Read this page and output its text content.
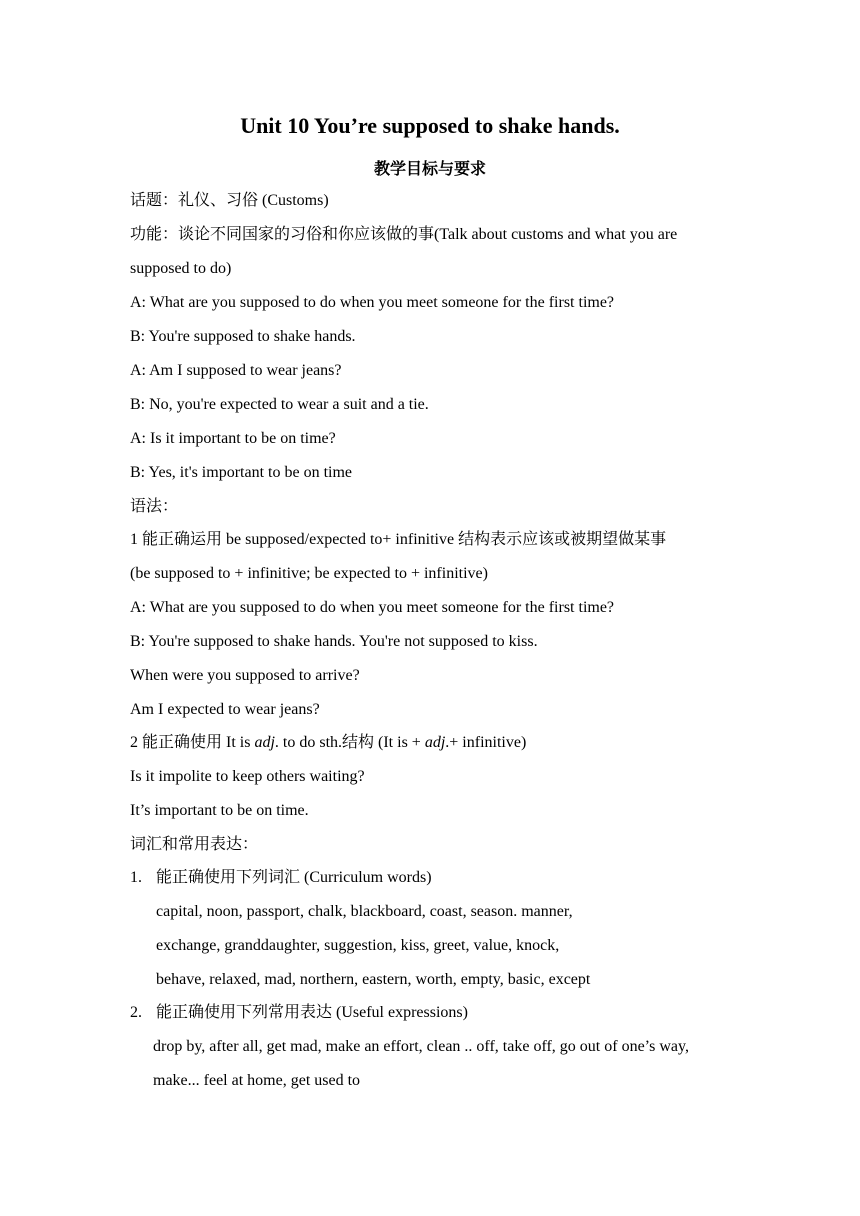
Unit 10 You’re supposed to shake hands.
教学目标与要求
话题：礼仪、习俗 (Customs)
功能：谈论不同国家的习俗和你应该做的事(Talk about customs and what you are
supposed to do)
A: What are you supposed to do when you meet someone for the first time?
B: You're supposed to shake hands.
A: Am I supposed to wear jeans?
B: No, you're expected to wear a suit and a tie.
A: Is it important to be on time?
B: Yes, it's important to be on time
语法：
1 能正确运用 be supposed/expected to+ infinitive 结构表示应该或被期望做某事
(be supposed to + infinitive; be expected to + infinitive)
A: What are you supposed to do when you meet someone for the first time?
B: You're supposed to shake hands. You're not supposed to kiss.
When were you supposed to arrive?
Am I expected to wear jeans?
2 能正确使用 It is adj. to do sth.结构 (It is + adj.+ infinitive)
Is it impolite to keep others waiting?
It’s important to be on time.
词汇和常用表达：
1. 能正确使用下列词汇 (Curriculum words)
capital, noon, passport, chalk, blackboard, coast, season. manner,
exchange, granddaughter, suggestion, kiss, greet, value, knock,
behave, relaxed, mad, northern, eastern, worth, empty, basic, except
2. 能正确使用下列常用表达 (Useful expressions)
drop by, after all, get mad, make an effort, clean .. off, take off, go out of one’s way,
make... feel at home, get used to
